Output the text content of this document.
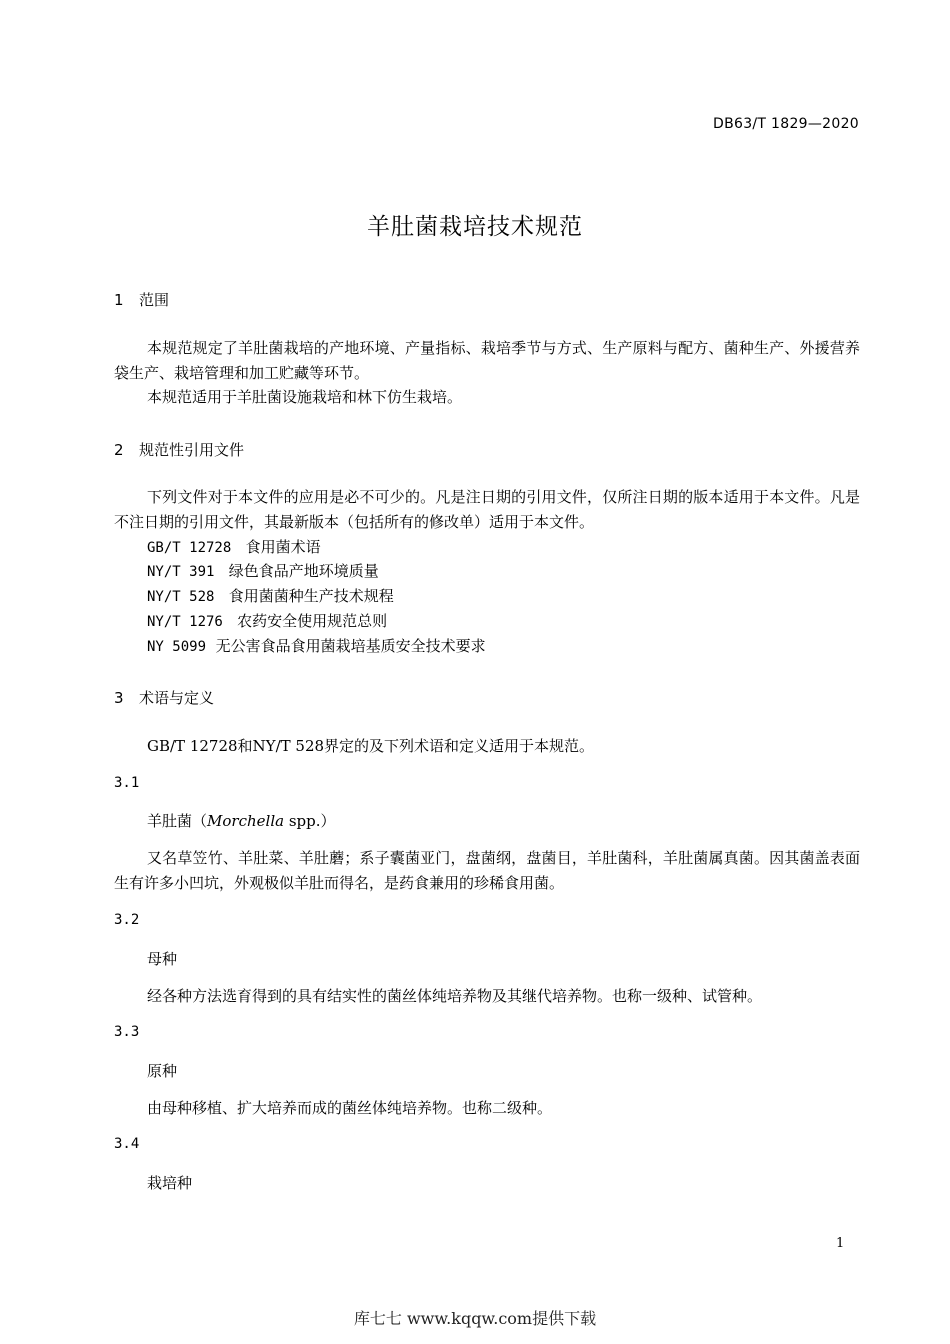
DB63/T 1829—2020
羊肚菌栽培技术规范
1 范围
本规范规定了羊肚菌栽培的产地环境、产量指标、栽培季节与方式、生产原料与配方、菌种生产、外援营养袋生产、栽培管理和加工贮藏等环节。
本规范适用于羊肚菌设施栽培和林下仿生栽培。
2 规范性引用文件
下列文件对于本文件的应用是必不可少的。凡是注日期的引用文件，仅所注日期的版本适用于本文件。凡是不注日期的引用文件，其最新版本（包括所有的修改单）适用于本文件。
GB/T 12728 食用菌术语
NY/T 391 绿色食品产地环境质量
NY/T 528 食用菌菌种生产技术规程
NY/T 1276 农药安全使用规范总则
NY 5099 无公害食品食用菌栽培基质安全技术要求
3 术语与定义
GB/T 12728和NY/T 528界定的及下列术语和定义适用于本规范。
3.1
羊肚菌（Morchella spp.）
又名草笠竹、羊肚菜、羊肚蘑；系子囊菌亚门，盘菌纲，盘菌目，羊肚菌科，羊肚菌属真菌。因其菌盖表面生有许多小凹坑，外观极似羊肚而得名，是药食兼用的珍稀食用菌。
3.2
母种
经各种方法选育得到的具有结实性的菌丝体纯培养物及其继代培养物。也称一级种、试管种。
3.3
原种
由母种移植、扩大培养而成的菌丝体纯培养物。也称二级种。
3.4
栽培种
1
库七七 www.kqqw.com提供下载
